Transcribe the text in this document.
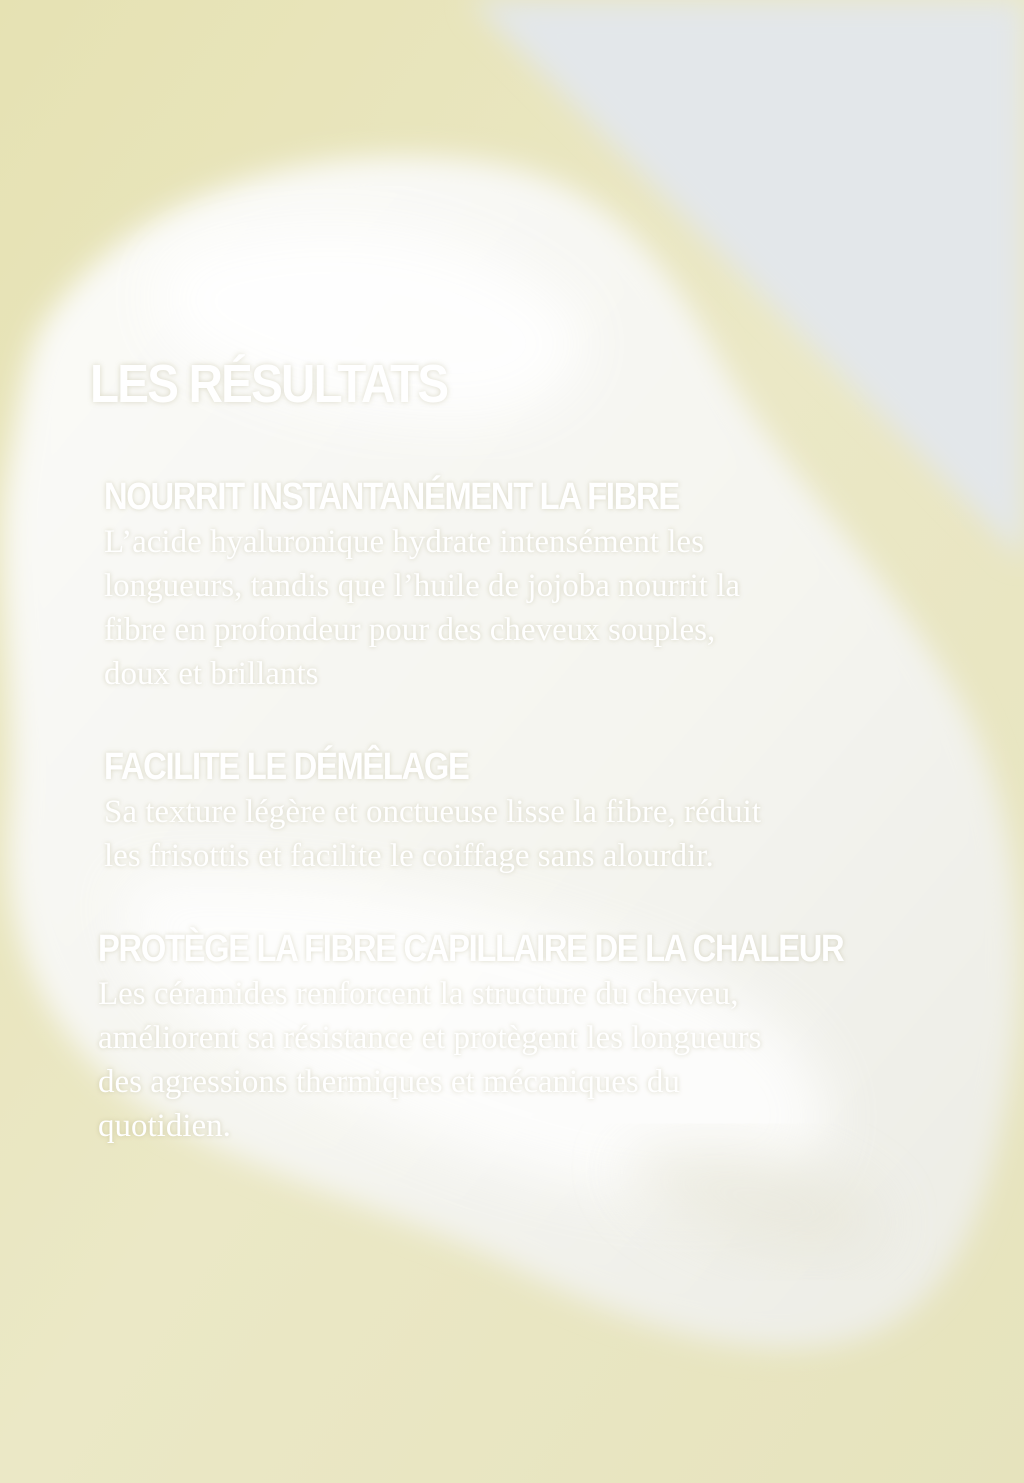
LES RÉSULTATS
NOURRIT INSTANTANÉMENT LA FIBRE

L’acide hyaluronique hydrate intensément les
longueurs, tandis que l’huile de jojoba nourrit la
fibre en profondeur pour des cheveux souples,
doux et brillants

FACILITE LE DÉMÊLAGE

Sa texture légère et onctueuse lisse la fibre, réduit
les frisottis et facilite le coiffage sans alourdir.

PROTÈGE LA FIBRE CAPILLAIRE DE LA CHALEUR

Les céramides renforcent la structure du cheveu,
améliorent sa résistance et protègent les longueurs
des agressions thermiques et mécaniques du
quotidien.
